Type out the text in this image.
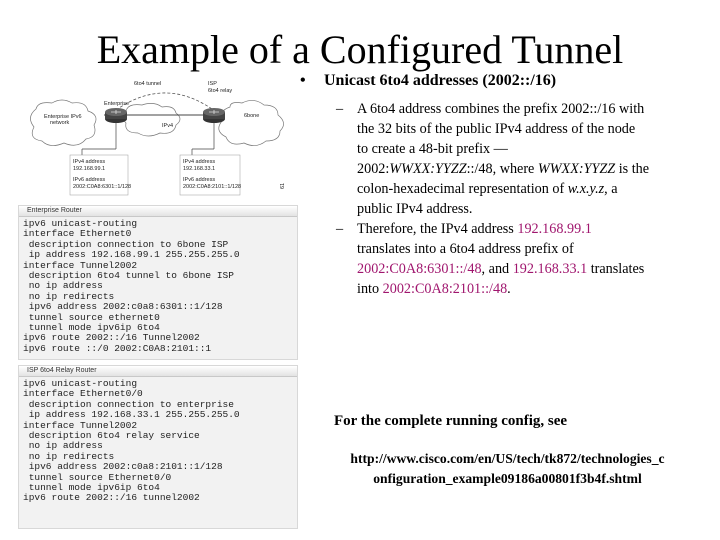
Example of a Configured Tunnel
6to4 tunnel	ISP
6to4 relay
Enterprise IPv6
network
Enterprise
IPv4
6bone
IPv4 address
192.168.99.1
IPv6 address
2002:C0A8:6301::1/128
IPv4 address
192.168.33.1
IPv6 address
2002:C0A8:2101::1/128	61
Enterprise Router
ipv6 unicast-routing
interface Ethernet0
description connection to 6bone ISP
ip address 192.168.99.1 255.255.255.0
interface Tunnel2002
description 6to4 tunnel to 6bone ISP
no ip address
no ip redirects
ipv6 address 2002:c0a8:6301::1/128
tunnel source ethernet0
tunnel mode ipv6ip 6to4
ipv6 route 2002::/16 Tunnel2002
ipv6 route ::/0 2002:C0A8:2101::1
ISP 6to4 Relay Router
ipv6 unicast-routing
interface Ethernet0/0
description connection to enterprise
ip address 192.168.33.1 255.255.255.0
interface Tunnel2002
description 6to4 relay service
no ip address
no ip redirects
ipv6 address 2002:c0a8:2101::1/128
tunnel source Ethernet0/0
tunnel mode ipv6ip 6to4
ipv6 route 2002::/16 tunnel2002
• Unicast 6to4 addresses (2002::/16)
– A 6to4 address combines the prefix 2002::/16 with
the 32 bits of the public IPv4 address of the node
to create a 48-bit prefix —
2002:WWXX:YYZZ::/48, where WWXX:YYZZ is the
colon-hexadecimal representation of w.x.y.z, a
public IPv4 address.
– Therefore, the IPv4 address 192.168.99.1
translates into a 6to4 address prefix of
2002:C0A8:6301::/48, and 192.168.33.1 translates
into 2002:C0A8:2101::/48.
For the complete running config, see
http://www.cisco.com/en/US/tech/tk872/technologies_c
onfiguration_example09186a00801f3b4f.shtml
